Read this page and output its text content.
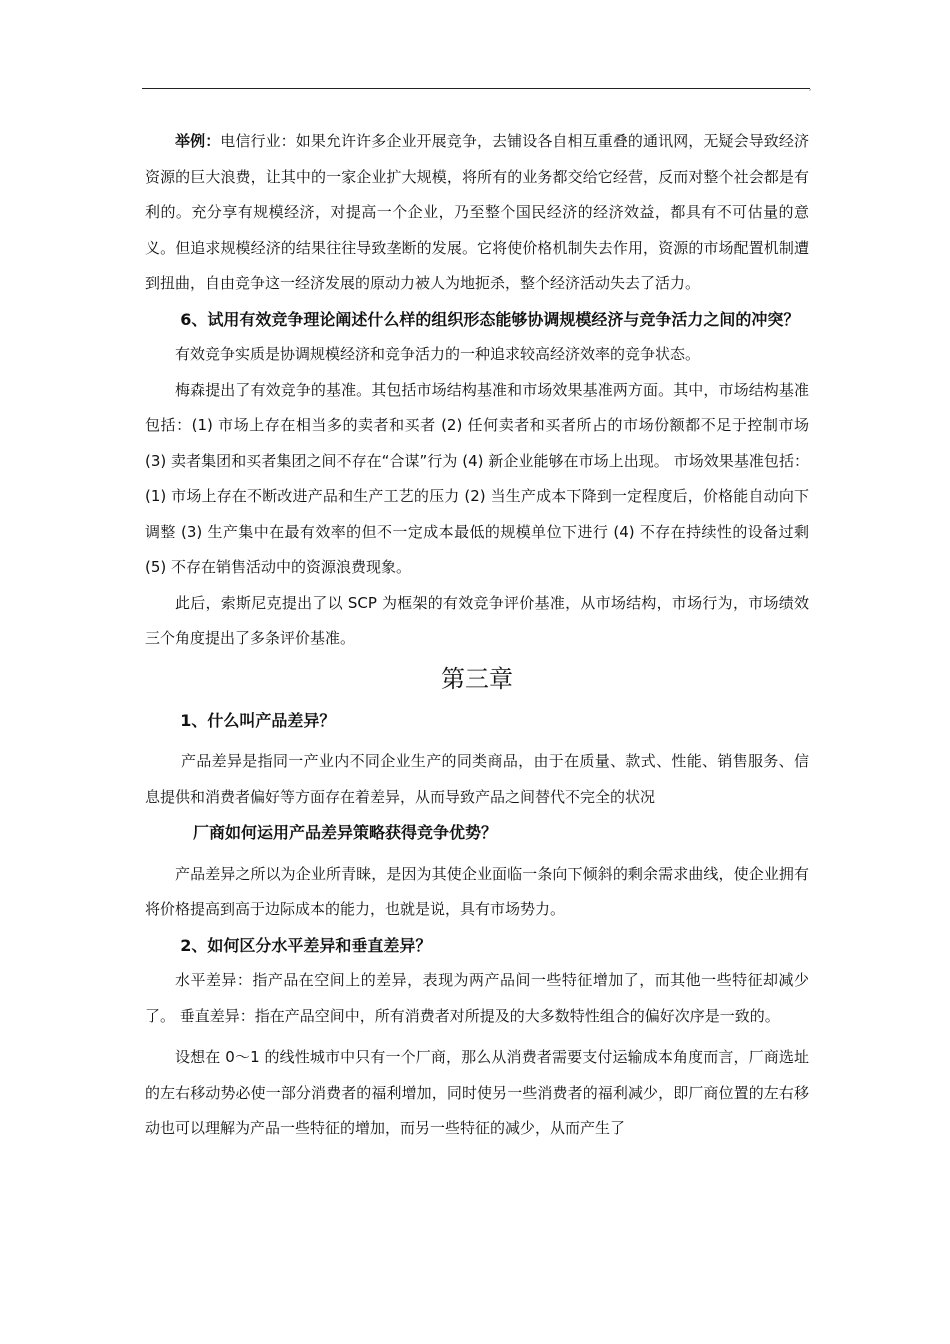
,

举例：电信行业：如果允许许多企业开展竞争，去铺设各自相互重叠的通讯网，无疑会导致经济资源的巨大浪费，让其中的一家企业扩大规模，将所有的业务都交给它经营，反而对整个社会都是有利的。充分享有规模经济，对提高一个企业，乃至整个国民经济的经济效益，都具有不可估量的意义。但追求规模经济的结果往往导致垄断的发展。它将使价格机制失去作用，资源的市场配置机制遭到扭曲，自由竞争这一经济发展的原动力被人为地扼杀，整个经济活动失去了活力。

6、试用有效竞争理论阐述什么样的组织形态能够协调规模经济与竞争活力之间的冲突？

有效竞争实质是协调规模经济和竞争活力的一种追求较高经济效率的竞争状态。

梅森提出了有效竞争的基准。其包括市场结构基准和市场效果基准两方面。其中，市场结构基准包括：(1) 市场上存在相当多的卖者和买者 (2) 任何卖者和买者所占的市场份额都不足于控制市场 (3) 卖者集团和买者集团之间不存在“合谋”行为 (4) 新企业能够在市场上出现。 市场效果基准包括：(1) 市场上存在不断改进产品和生产工艺的压力 (2) 当生产成本下降到一定程度后，价格能自动向下调整 (3) 生产集中在最有效率的但不一定成本最低的规模单位下进行 (4) 不存在持续性的设备过剩 (5) 不存在销售活动中的资源浪费现象。

此后，索斯尼克提出了以 SCP 为框架的有效竞争评价基准，从市场结构，市场行为，市场绩效三个角度提出了多条评价基准。

第三章

1、什么叫产品差异？

产品差异是指同一产业内不同企业生产的同类商品，由于在质量、款式、性能、销售服务、信息提供和消费者偏好等方面存在着差异，从而导致产品之间替代不完全的状况

厂商如何运用产品差异策略获得竞争优势？

产品差异之所以为企业所青睐，是因为其使企业面临一条向下倾斜的剩余需求曲线，使企业拥有将价格提高到高于边际成本的能力，也就是说，具有市场势力。

2、如何区分水平差异和垂直差异？

水平差异：指产品在空间上的差异，表现为两产品间一些特征增加了，而其他一些特征却减少了。 垂直差异：指在产品空间中，所有消费者对所提及的大多数特性组合的偏好次序是一致的。

设想在 0～1 的线性城市中只有一个厂商，那么从消费者需要支付运输成本角度而言，厂商选址的左右移动势必使一部分消费者的福利增加，同时使另一些消费者的福利减少，即厂商位置的左右移动也可以理解为产品一些特征的增加，而另一些特征的减少，从而产生了
